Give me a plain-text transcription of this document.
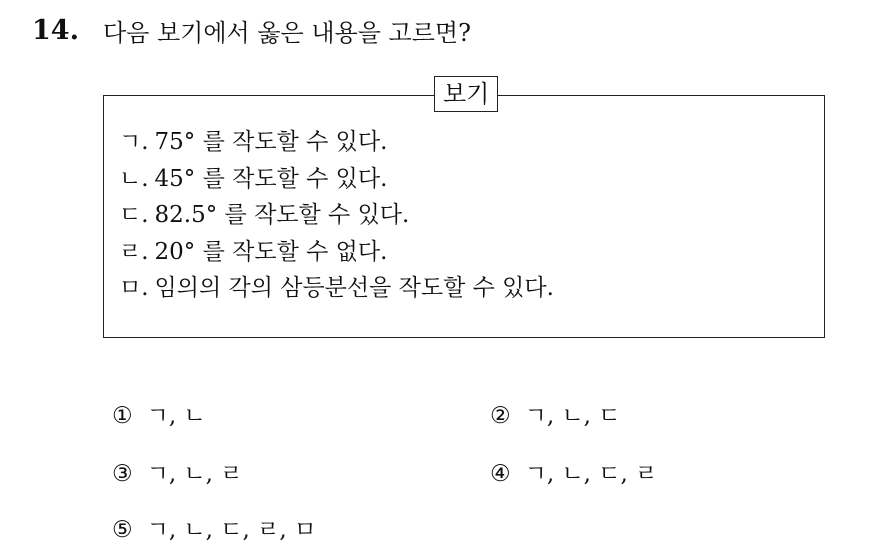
14. 다음 보기에서 옳은 내용을 고르면?
보기
ㄱ. 75° 를 작도할 수 있다.
ㄴ. 45° 를 작도할 수 있다.
ㄷ. 82.5° 를 작도할 수 있다.
ㄹ. 20° 를 작도할 수 없다.
ㅁ. 임의의 각의 삼등분선을 작도할 수 있다.
① ㄱ, ㄴ	② ㄱ, ㄴ, ㄷ
③ ㄱ, ㄴ, ㄹ	④ ㄱ, ㄴ, ㄷ, ㄹ
⑤ ㄱ, ㄴ, ㄷ, ㄹ, ㅁ
